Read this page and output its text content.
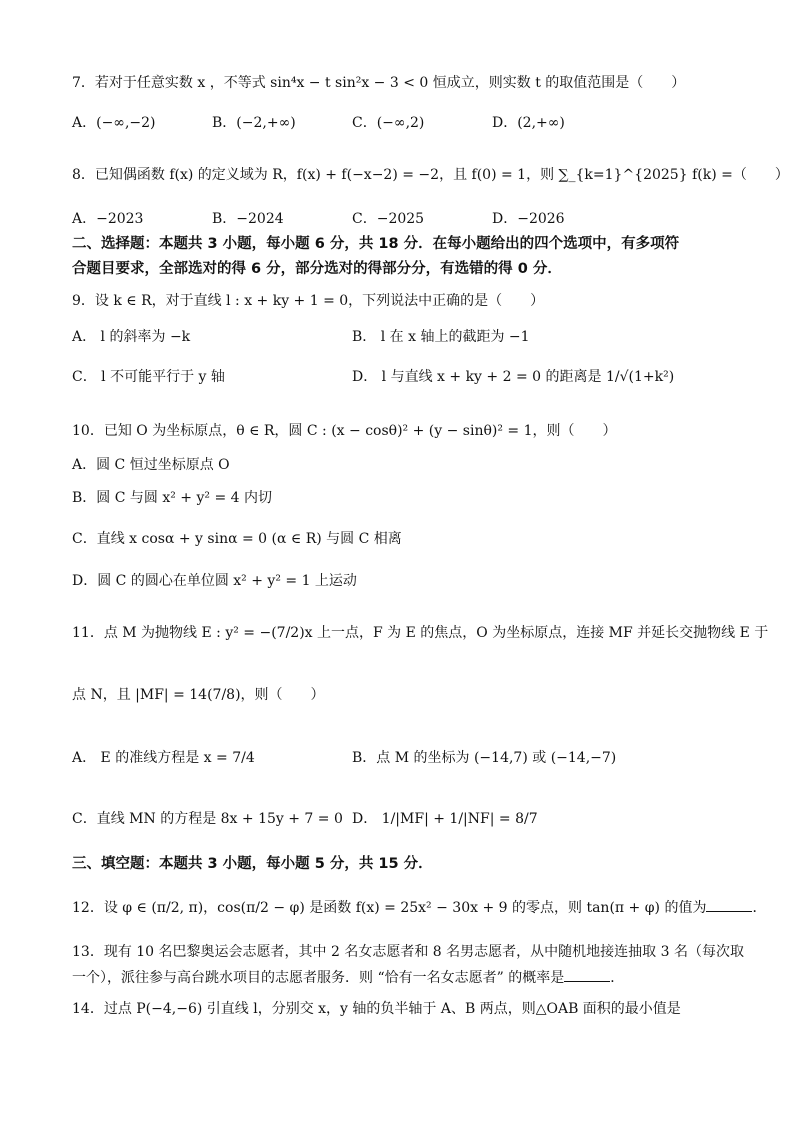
7．若对于任意实数 x ，不等式 sin⁴x − t sin²x − 3 < 0 恒成立，则实数 t 的取值范围是（　　）
A．(−∞,−2)	B．(−2,+∞)	C．(−∞,2)	D．(2,+∞)
8．已知偶函数 f(x) 的定义域为 R，f(x) + f(−x−2) = −2，且 f(0) = 1，则 ∑_{k=1}^{2025} f(k) =（　　）
A．−2023	B．−2024	C．−2025	D．−2026
二、选择题：本题共 3 小题，每小题 6 分，共 18 分．在每小题给出的四个选项中，有多项符
合题目要求，全部选对的得 6 分，部分选对的得部分分，有选错的得 0 分．
9．设 k ∈ R，对于直线 l : x + ky + 1 = 0，下列说法中正确的是（　　）
A． l 的斜率为 −k	B． l 在 x 轴上的截距为 −1
C． l 不可能平行于 y 轴	D． l 与直线 x + ky + 2 = 0 的距离是 1/√(1+k²)
10．已知 O 为坐标原点，θ ∈ R，圆 C : (x − cosθ)² + (y − sinθ)² = 1，则（　　）
A．圆 C 恒过坐标原点 O
B．圆 C 与圆 x² + y² = 4 内切
C．直线 x cosα + y sinα = 0 (α ∈ R) 与圆 C 相离
D．圆 C 的圆心在单位圆 x² + y² = 1 上运动
11．点 M 为抛物线 E : y² = −(7/2)x 上一点，F 为 E 的焦点，O 为坐标原点，连接 MF 并延长交抛物线 E 于
点 N，且 |MF| = 14(7/8)，则（　　）
A． E 的准线方程是 x = 7/4	B．点 M 的坐标为 (−14,7) 或 (−14,−7)
C．直线 MN 的方程是 8x + 15y + 7 = 0 D． 1/|MF| + 1/|NF| = 8/7
三、填空题：本题共 3 小题，每小题 5 分，共 15 分．
12．设 φ ∈ (π/2, π)，cos(π/2 − φ) 是函数 f(x) = 25x² − 30x + 9 的零点，则 tan(π + φ) 的值为	．
13．现有 10 名巴黎奥运会志愿者，其中 2 名女志愿者和 8 名男志愿者，从中随机地接连抽取 3 名（每次取
一个），派往参与高台跳水项目的志愿者服务．则 “恰有一名女志愿者” 的概率是	．
14．过点 P(−4,−6) 引直线 l，分别交 x，y 轴的负半轴于 A、B 两点，则△OAB 面积的最小值是
